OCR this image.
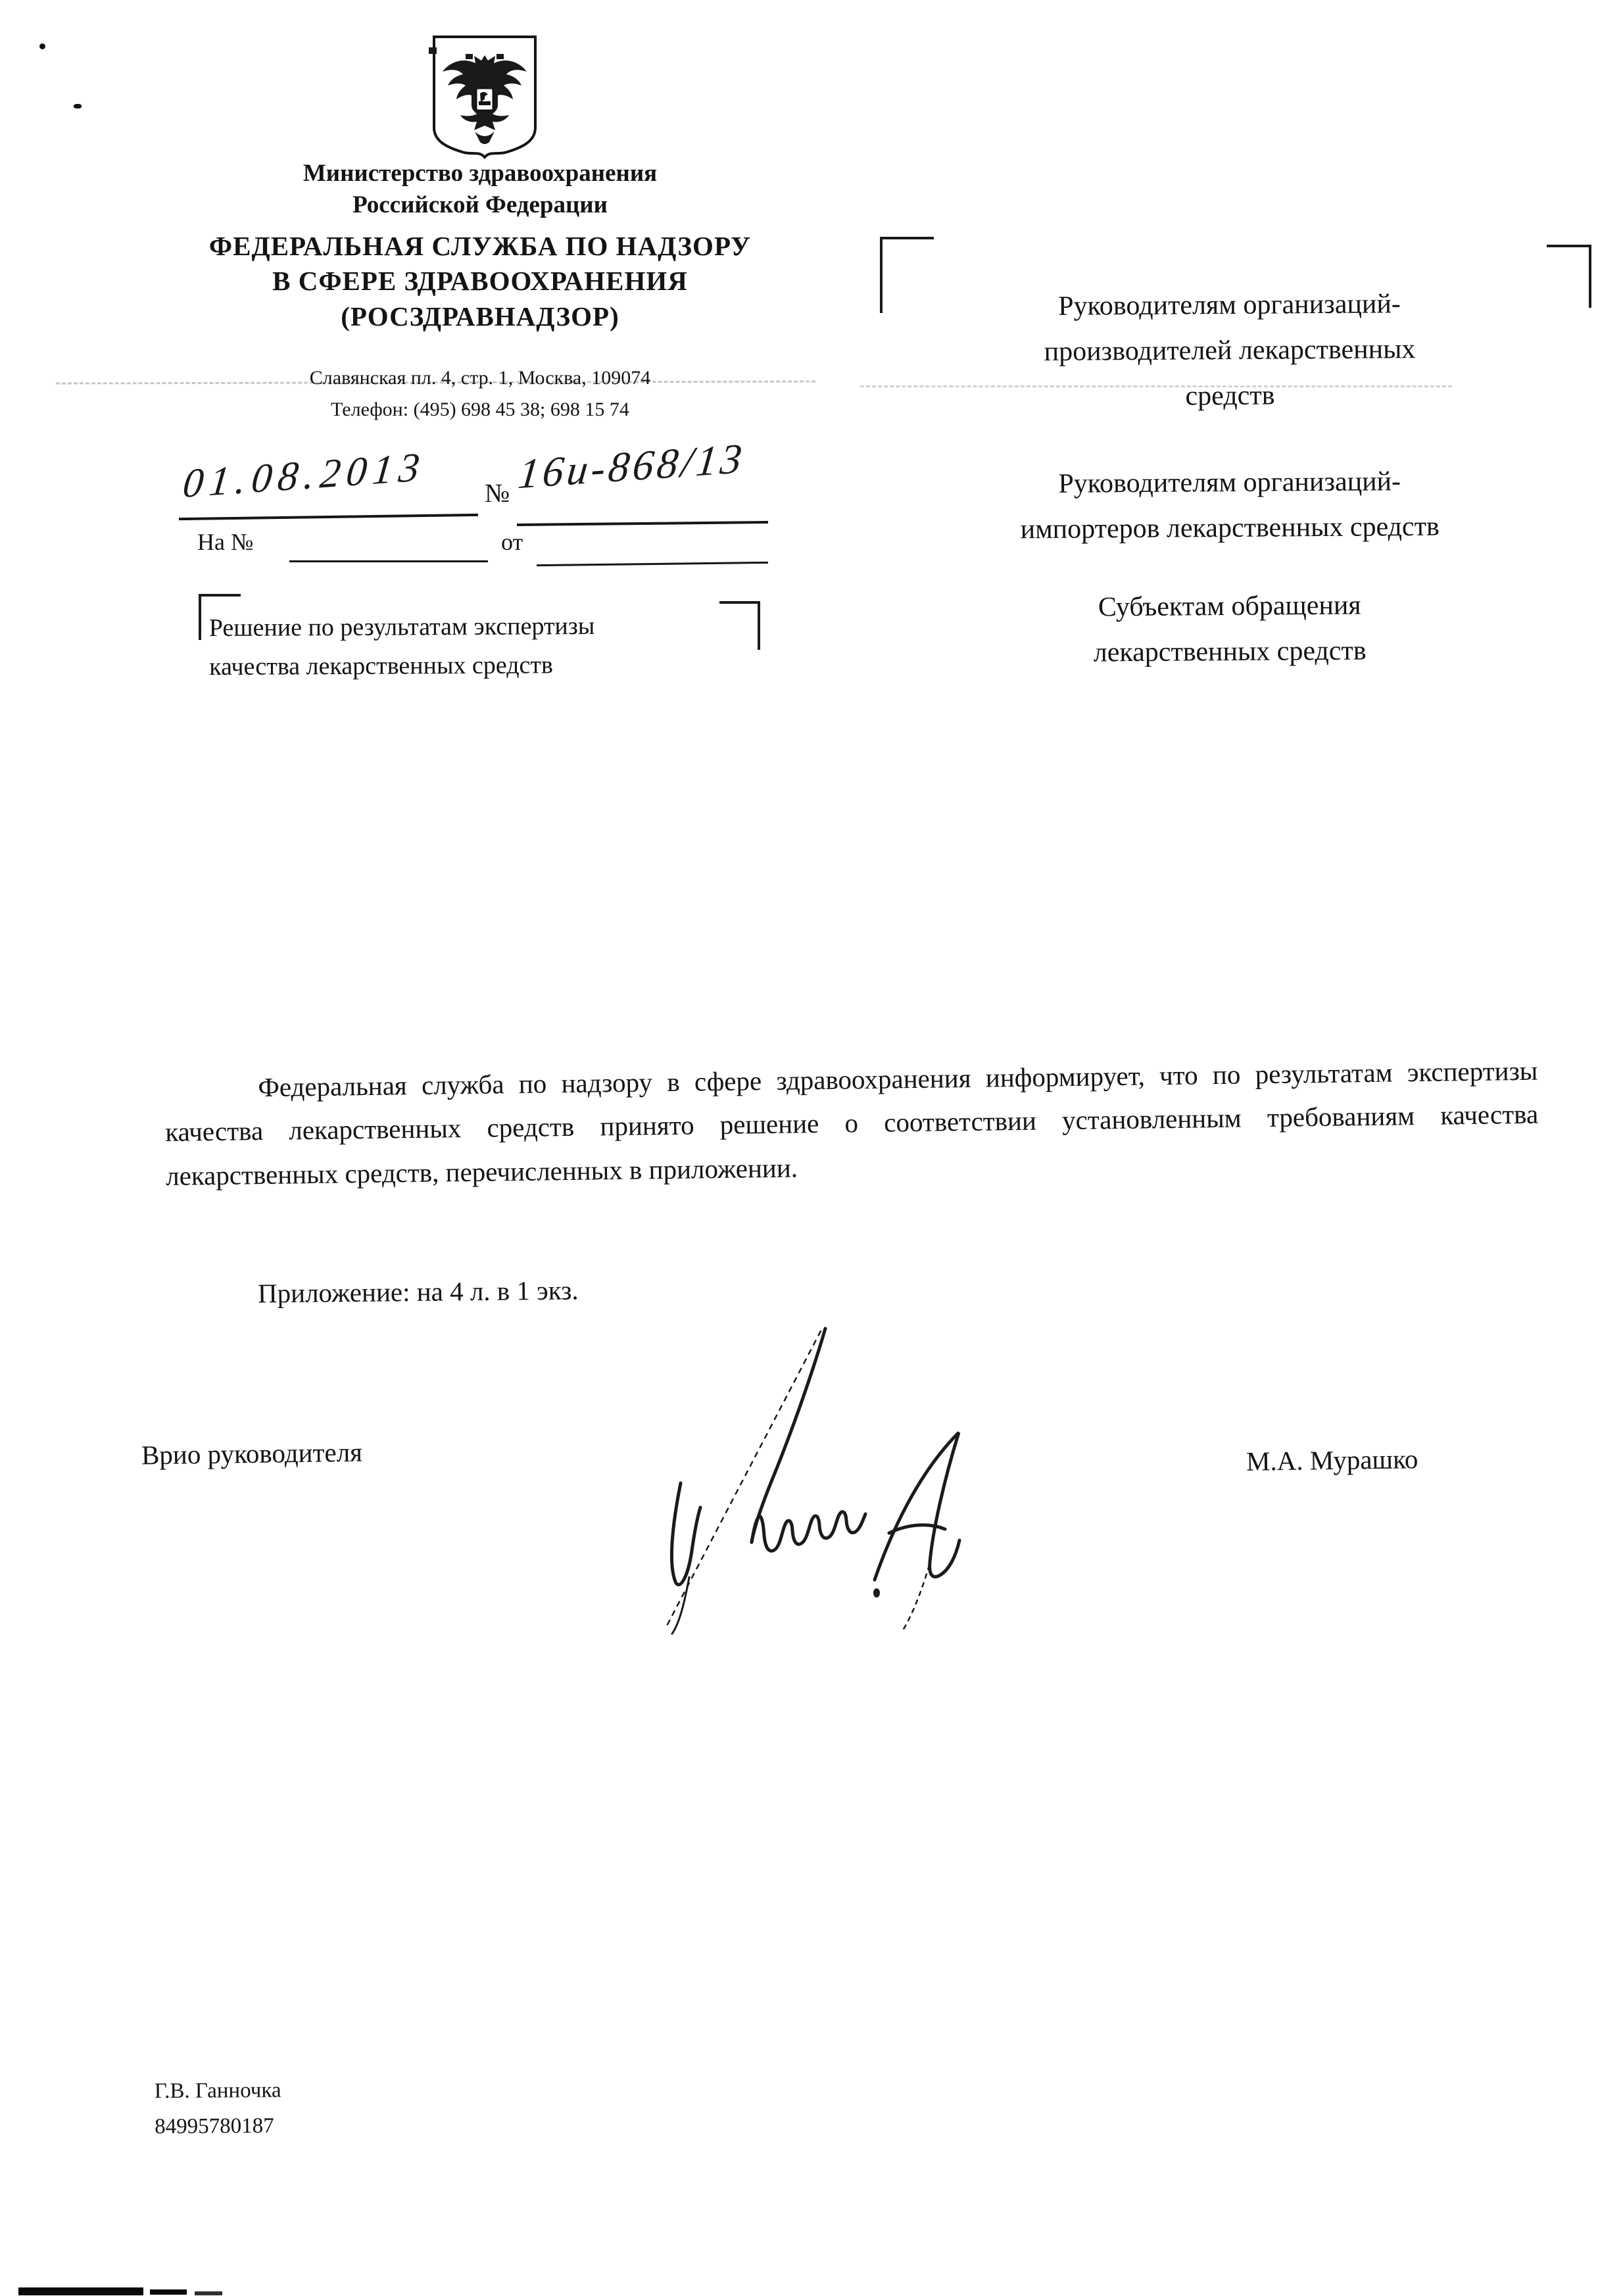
Министерство здравоохранения
Российской Федерации
ФЕДЕРАЛЬНАЯ СЛУЖБА ПО НАДЗОРУ
В СФЕРЕ ЗДРАВООХРАНЕНИЯ
(РОСЗДРАВНАДЗОР)
Славянская пл. 4, стр. 1, Москва, 109074
Телефон: (495) 698 45 38; 698 15 74
01.08.2013 № 16и-868/13
На №	от
Решение по результатам экспертизы
качества лекарственных средств
Руководителям организаций-
производителей лекарственных
средств
Руководителям организаций-
импортеров лекарственных средств
Субъектам обращения
лекарственных средств
Федеральная служба по надзору в сфере здравоохранения информирует, что по результатам экспертизы качества лекарственных средств принято решение о соответствии установленным требованиям качества лекарственных средств, перечисленных в приложении.
Приложение: на 4 л. в 1 экз.
Врио руководителя	М.А. Мурашко
Г.В. Ганночка
84995780187
